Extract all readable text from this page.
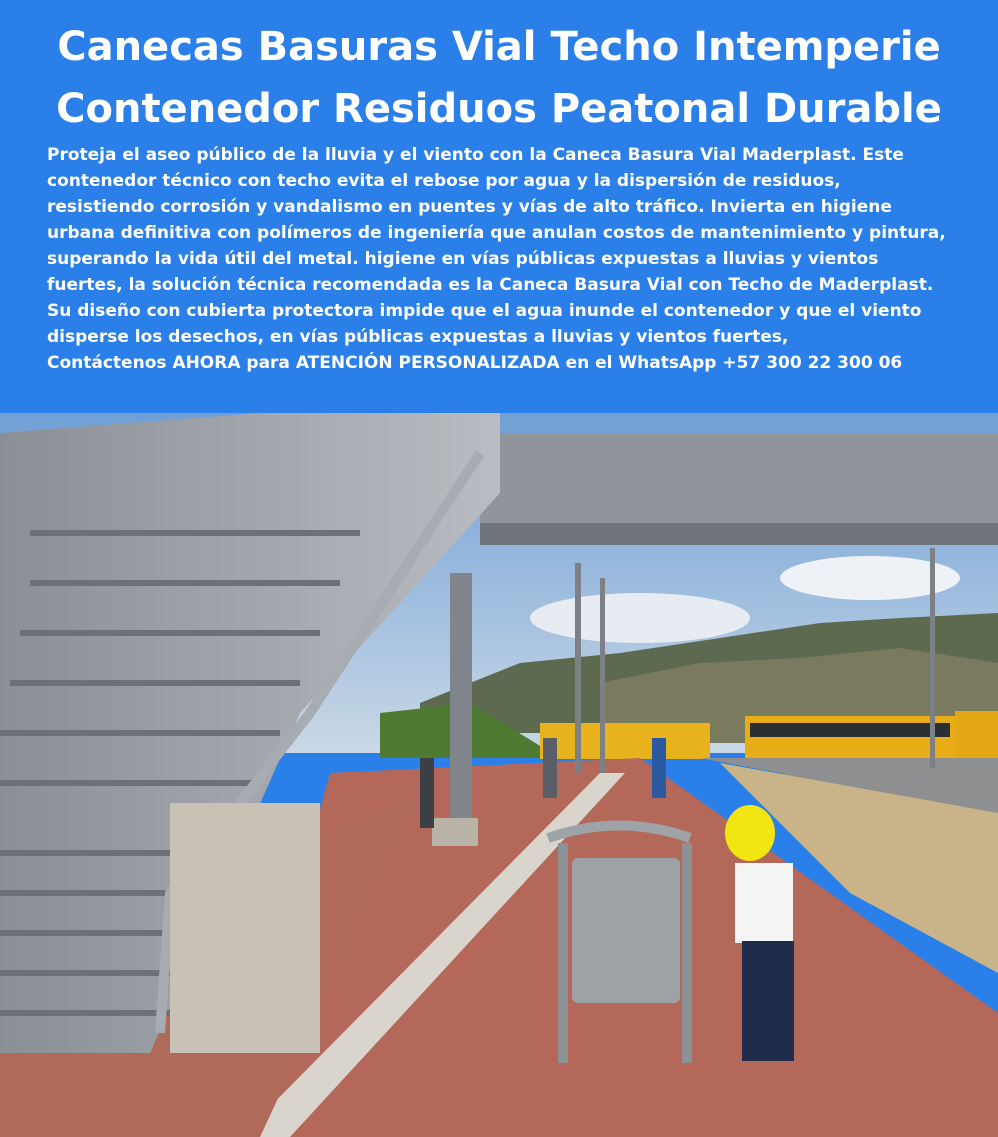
Canecas Basuras Vial Techo Intemperie
Contenedor Residuos Peatonal Durable
Proteja el aseo público de la lluvia y el viento con la Caneca Basura Vial Maderplast. Este
contenedor técnico con techo evita el rebose por agua y la dispersión de residuos,
resistiendo corrosión y vandalismo en puentes y vías de alto tráfico. Invierta en higiene
urbana definitiva con polímeros de ingeniería que anulan costos de mantenimiento y pintura,
superando la vida útil del metal. higiene en vías públicas expuestas a lluvias y vientos
fuertes, la solución técnica recomendada es la Caneca Basura Vial con Techo de Maderplast.
Su diseño con cubierta protectora impide que el agua inunde el contenedor y que el viento
disperse los desechos, en vías públicas expuestas a lluvias y vientos fuertes,
Contáctenos AHORA para ATENCIÓN PERSONALIZADA en el WhatsApp +57 300 22 300 06
